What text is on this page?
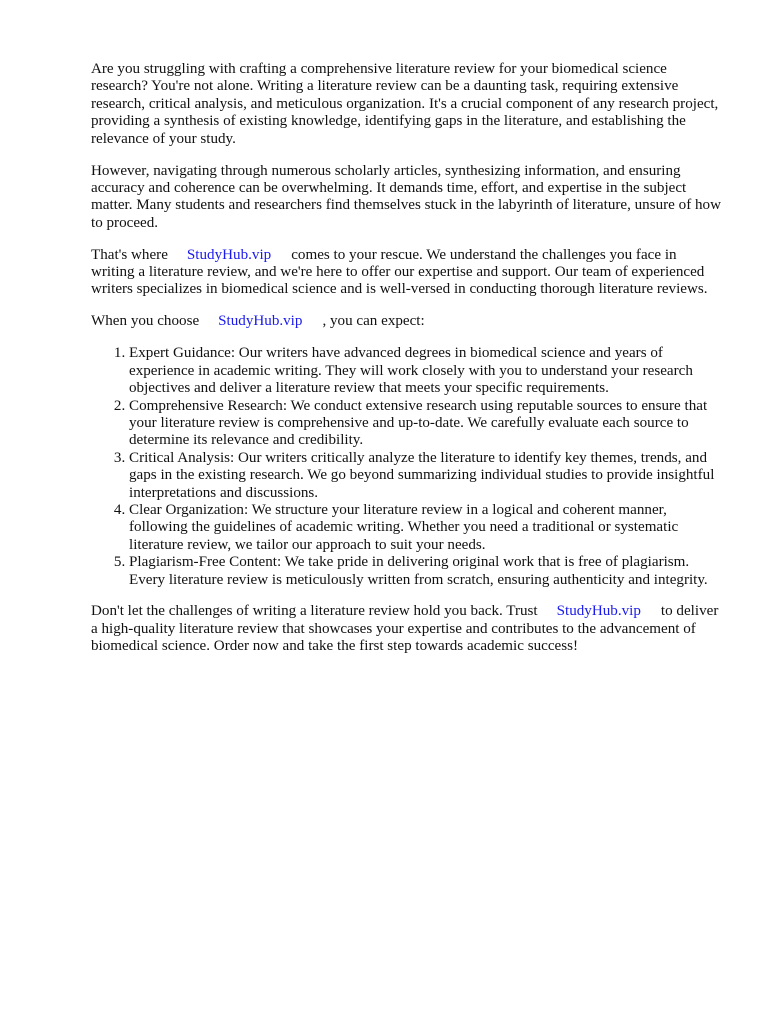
Are you struggling with crafting a comprehensive literature review for your biomedical science research? You're not alone. Writing a literature review can be a daunting task, requiring extensive research, critical analysis, and meticulous organization. It's a crucial component of any research project, providing a synthesis of existing knowledge, identifying gaps in the literature, and establishing the relevance of your study.

However, navigating through numerous scholarly articles, synthesizing information, and ensuring accuracy and coherence can be overwhelming. It demands time, effort, and expertise in the subject matter. Many students and researchers find themselves stuck in the labyrinth of literature, unsure of how to proceed.

That's where StudyHub.vip comes to your rescue. We understand the challenges you face in writing a literature review, and we're here to offer our expertise and support. Our team of experienced writers specializes in biomedical science and is well-versed in conducting thorough literature reviews.

When you choose StudyHub.vip , you can expect:

1. Expert Guidance: Our writers have advanced degrees in biomedical science and years of experience in academic writing. They will work closely with you to understand your research objectives and deliver a literature review that meets your specific requirements.
2. Comprehensive Research: We conduct extensive research using reputable sources to ensure that your literature review is comprehensive and up-to-date. We carefully evaluate each source to determine its relevance and credibility.
3. Critical Analysis: Our writers critically analyze the literature to identify key themes, trends, and gaps in the existing research. We go beyond summarizing individual studies to provide insightful interpretations and discussions.
4. Clear Organization: We structure your literature review in a logical and coherent manner, following the guidelines of academic writing. Whether you need a traditional or systematic literature review, we tailor our approach to suit your needs.
5. Plagiarism-Free Content: We take pride in delivering original work that is free of plagiarism. Every literature review is meticulously written from scratch, ensuring authenticity and integrity.

Don't let the challenges of writing a literature review hold you back. Trust StudyHub.vip to deliver a high-quality literature review that showcases your expertise and contributes to the advancement of biomedical science. Order now and take the first step towards academic success!
